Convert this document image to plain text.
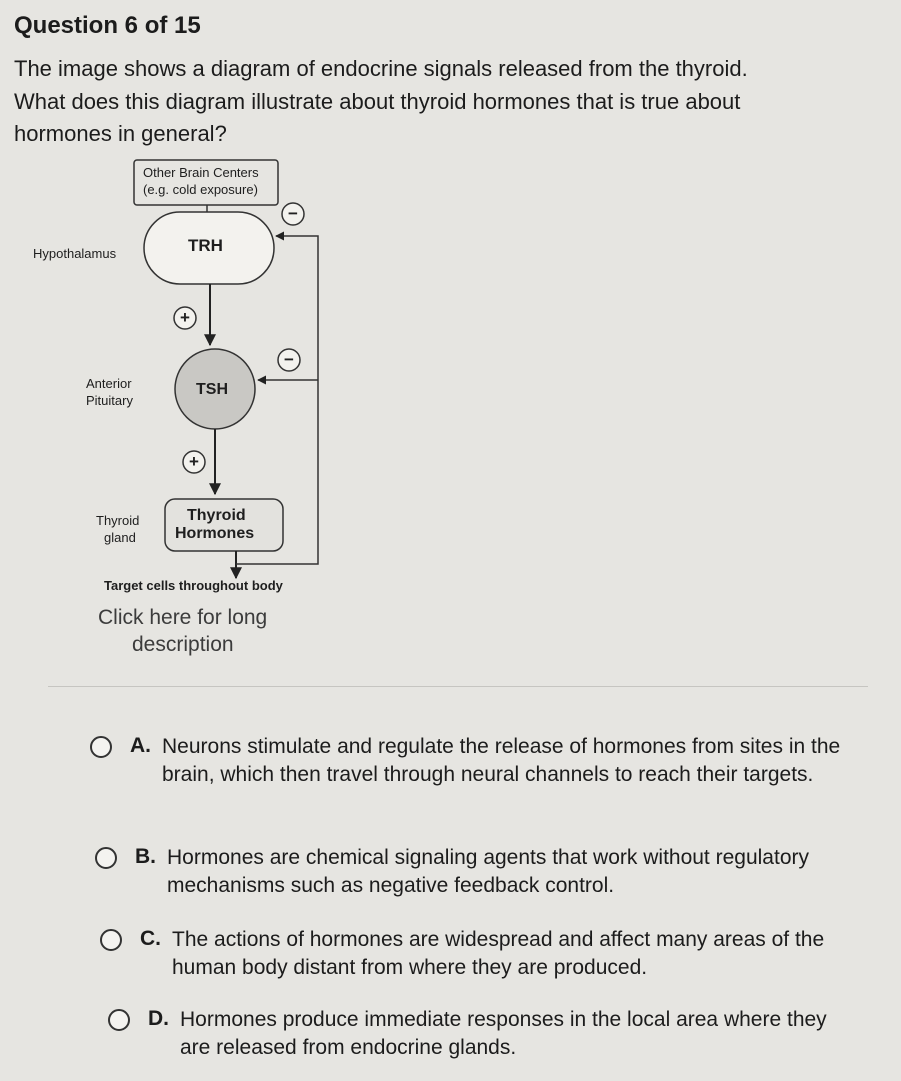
Question 6 of 15
The image shows a diagram of endocrine signals released from the thyroid.
What does this diagram illustrate about thyroid hormones that is true about
hormones in general?
+
+
−
−
Other Brain Centers
(e.g. cold exposure)
Hypothalamus	TRH
Anterior
Pituitary
TSH
Thyroid
gland
Thyroid
Hormones
Target cells throughout body
Click here for long
description
A. Neurons stimulate and regulate the release of hormones from sites in the brain, which then travel through neural channels to reach their targets.
B. Hormones are chemical signaling agents that work without regulatory mechanisms such as negative feedback control.
C. The actions of hormones are widespread and affect many areas of the human body distant from where they are produced.
D. Hormones produce immediate responses in the local area where they are released from endocrine glands.
